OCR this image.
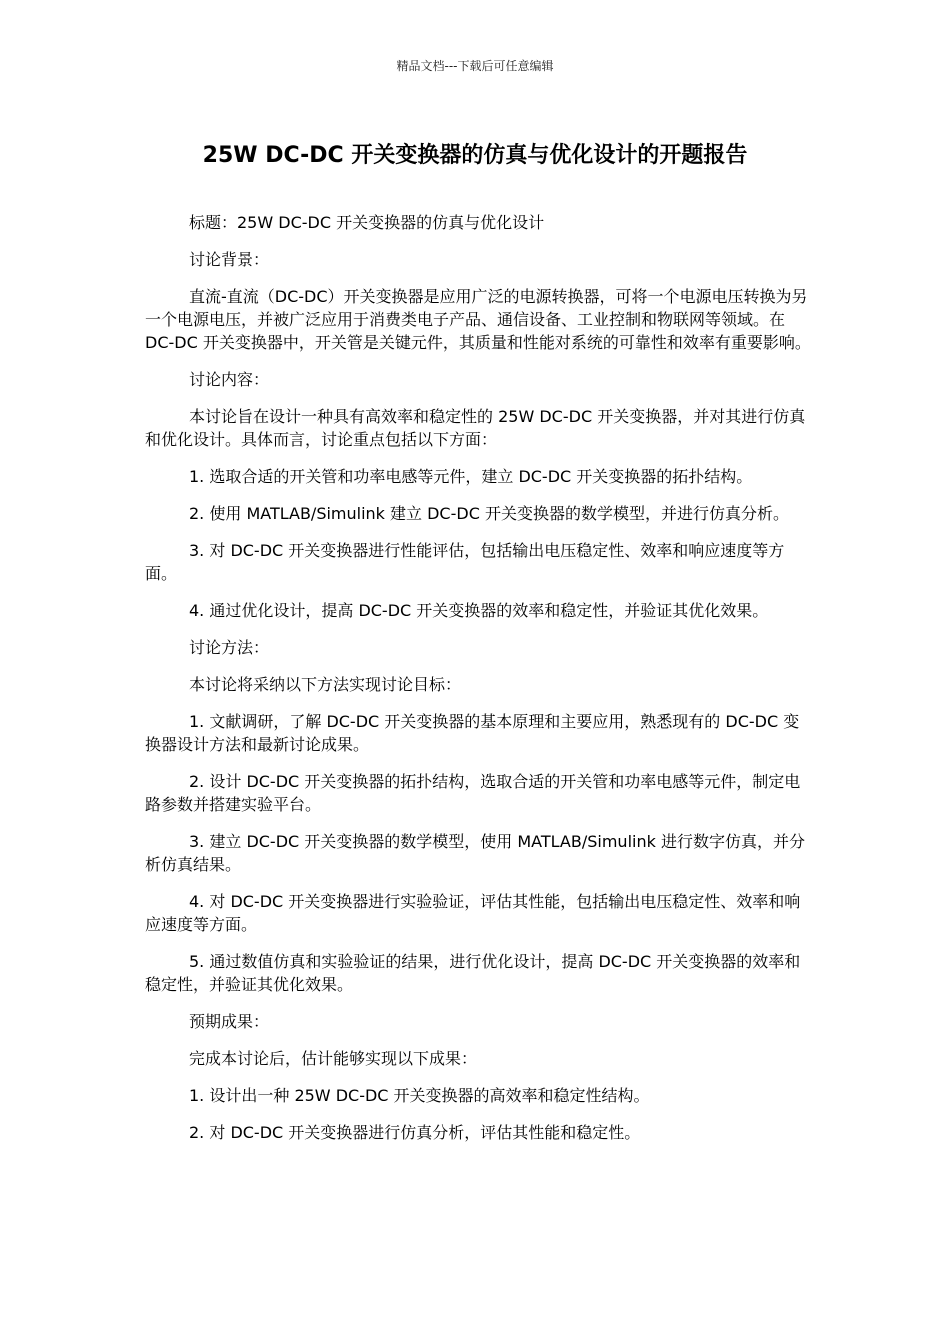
精品文档---下载后可任意编辑
25W DC-DC 开关变换器的仿真与优化设计的开题报告

标题：25W DC-DC 开关变换器的仿真与优化设计

讨论背景：

直流-直流（DC-DC）开关变换器是应用广泛的电源转换器，可将一个电源电压转换为另一个电源电压，并被广泛应用于消费类电子产品、通信设备、工业控制和物联网等领域。在 DC-DC 开关变换器中，开关管是关键元件，其质量和性能对系统的可靠性和效率有重要影响。

讨论内容：

本讨论旨在设计一种具有高效率和稳定性的 25W DC-DC 开关变换器，并对其进行仿真和优化设计。具体而言，讨论重点包括以下方面：

1. 选取合适的开关管和功率电感等元件，建立 DC-DC 开关变换器的拓扑结构。

2. 使用 MATLAB/Simulink 建立 DC-DC 开关变换器的数学模型，并进行仿真分析。

3. 对 DC-DC 开关变换器进行性能评估，包括输出电压稳定性、效率和响应速度等方面。

4. 通过优化设计，提高 DC-DC 开关变换器的效率和稳定性，并验证其优化效果。

讨论方法：

本讨论将采纳以下方法实现讨论目标：

1. 文献调研，了解 DC-DC 开关变换器的基本原理和主要应用，熟悉现有的 DC-DC 变换器设计方法和最新讨论成果。

2. 设计 DC-DC 开关变换器的拓扑结构，选取合适的开关管和功率电感等元件，制定电路参数并搭建实验平台。

3. 建立 DC-DC 开关变换器的数学模型，使用 MATLAB/Simulink 进行数字仿真，并分析仿真结果。

4. 对 DC-DC 开关变换器进行实验验证，评估其性能，包括输出电压稳定性、效率和响应速度等方面。

5. 通过数值仿真和实验验证的结果，进行优化设计，提高 DC-DC 开关变换器的效率和稳定性，并验证其优化效果。

预期成果：

完成本讨论后，估计能够实现以下成果：

1. 设计出一种 25W DC-DC 开关变换器的高效率和稳定性结构。

2. 对 DC-DC 开关变换器进行仿真分析，评估其性能和稳定性。
